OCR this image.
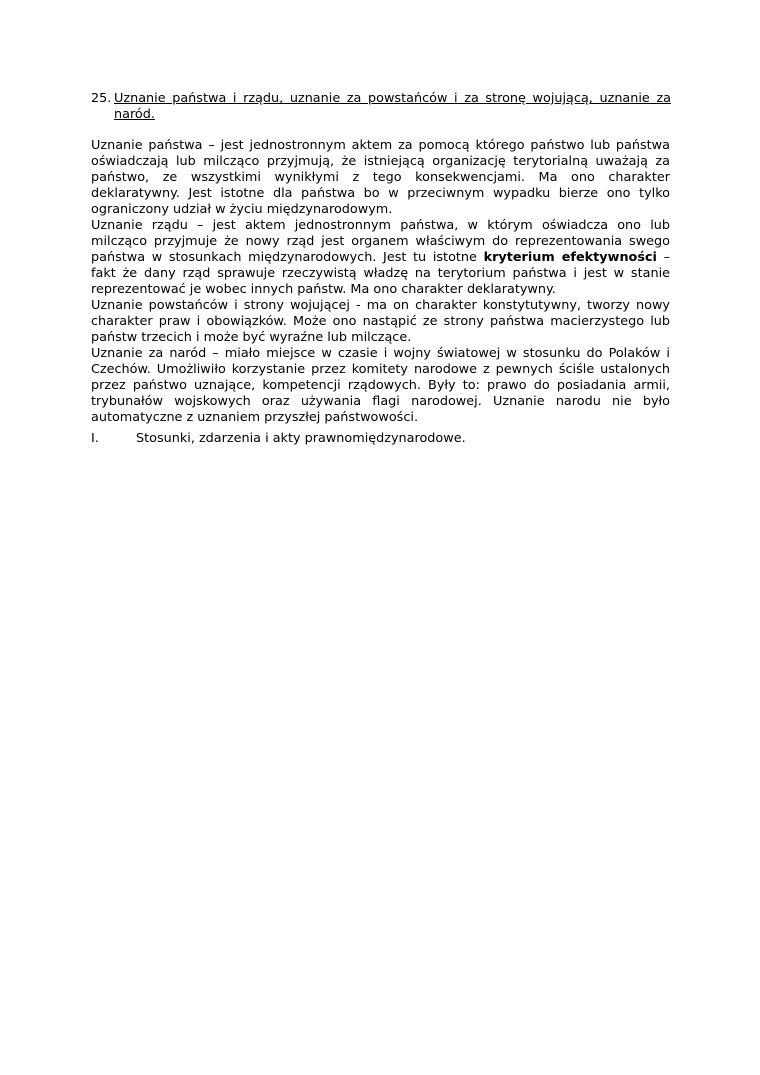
25. Uznanie państwa i rządu, uznanie za powstańców i za stronę wojującą, uznanie za naród.

Uznanie państwa – jest jednostronnym aktem za pomocą którego państwo lub państwa oświadczają lub milcząco przyjmują, że istniejącą organizację terytorialną uważają za państwo, ze wszystkimi wynikłymi z tego konsekwencjami. Ma ono charakter deklaratywny. Jest istotne dla państwa bo w przeciwnym wypadku bierze ono tylko ograniczony udział w życiu międzynarodowym.

Uznanie rządu – jest aktem jednostronnym państwa, w którym oświadcza ono lub milcząco przyjmuje że nowy rząd jest organem właściwym do reprezentowania swego państwa w stosunkach międzynarodowych. Jest tu istotne kryterium efektywności – fakt że dany rząd sprawuje rzeczywistą władzę na terytorium państwa i jest w stanie reprezentować je wobec innych państw. Ma ono charakter deklaratywny.

Uznanie powstańców i strony wojującej - ma on charakter konstytutywny, tworzy nowy charakter praw i obowiązków. Może ono nastąpić ze strony państwa macierzystego lub państw trzecich i może być wyraźne lub milczące.

Uznanie za naród – miało miejsce w czasie i wojny światowej w stosunku do Polaków i Czechów. Umożliwiło korzystanie przez komitety narodowe z pewnych ściśle ustalonych przez państwo uznające, kompetencji rządowych. Były to: prawo do posiadania armii, trybunałów wojskowych oraz używania flagi narodowej. Uznanie narodu nie było automatyczne z uznaniem przyszłej państwowości.

I.	Stosunki, zdarzenia i akty prawnomiędzynarodowe.
